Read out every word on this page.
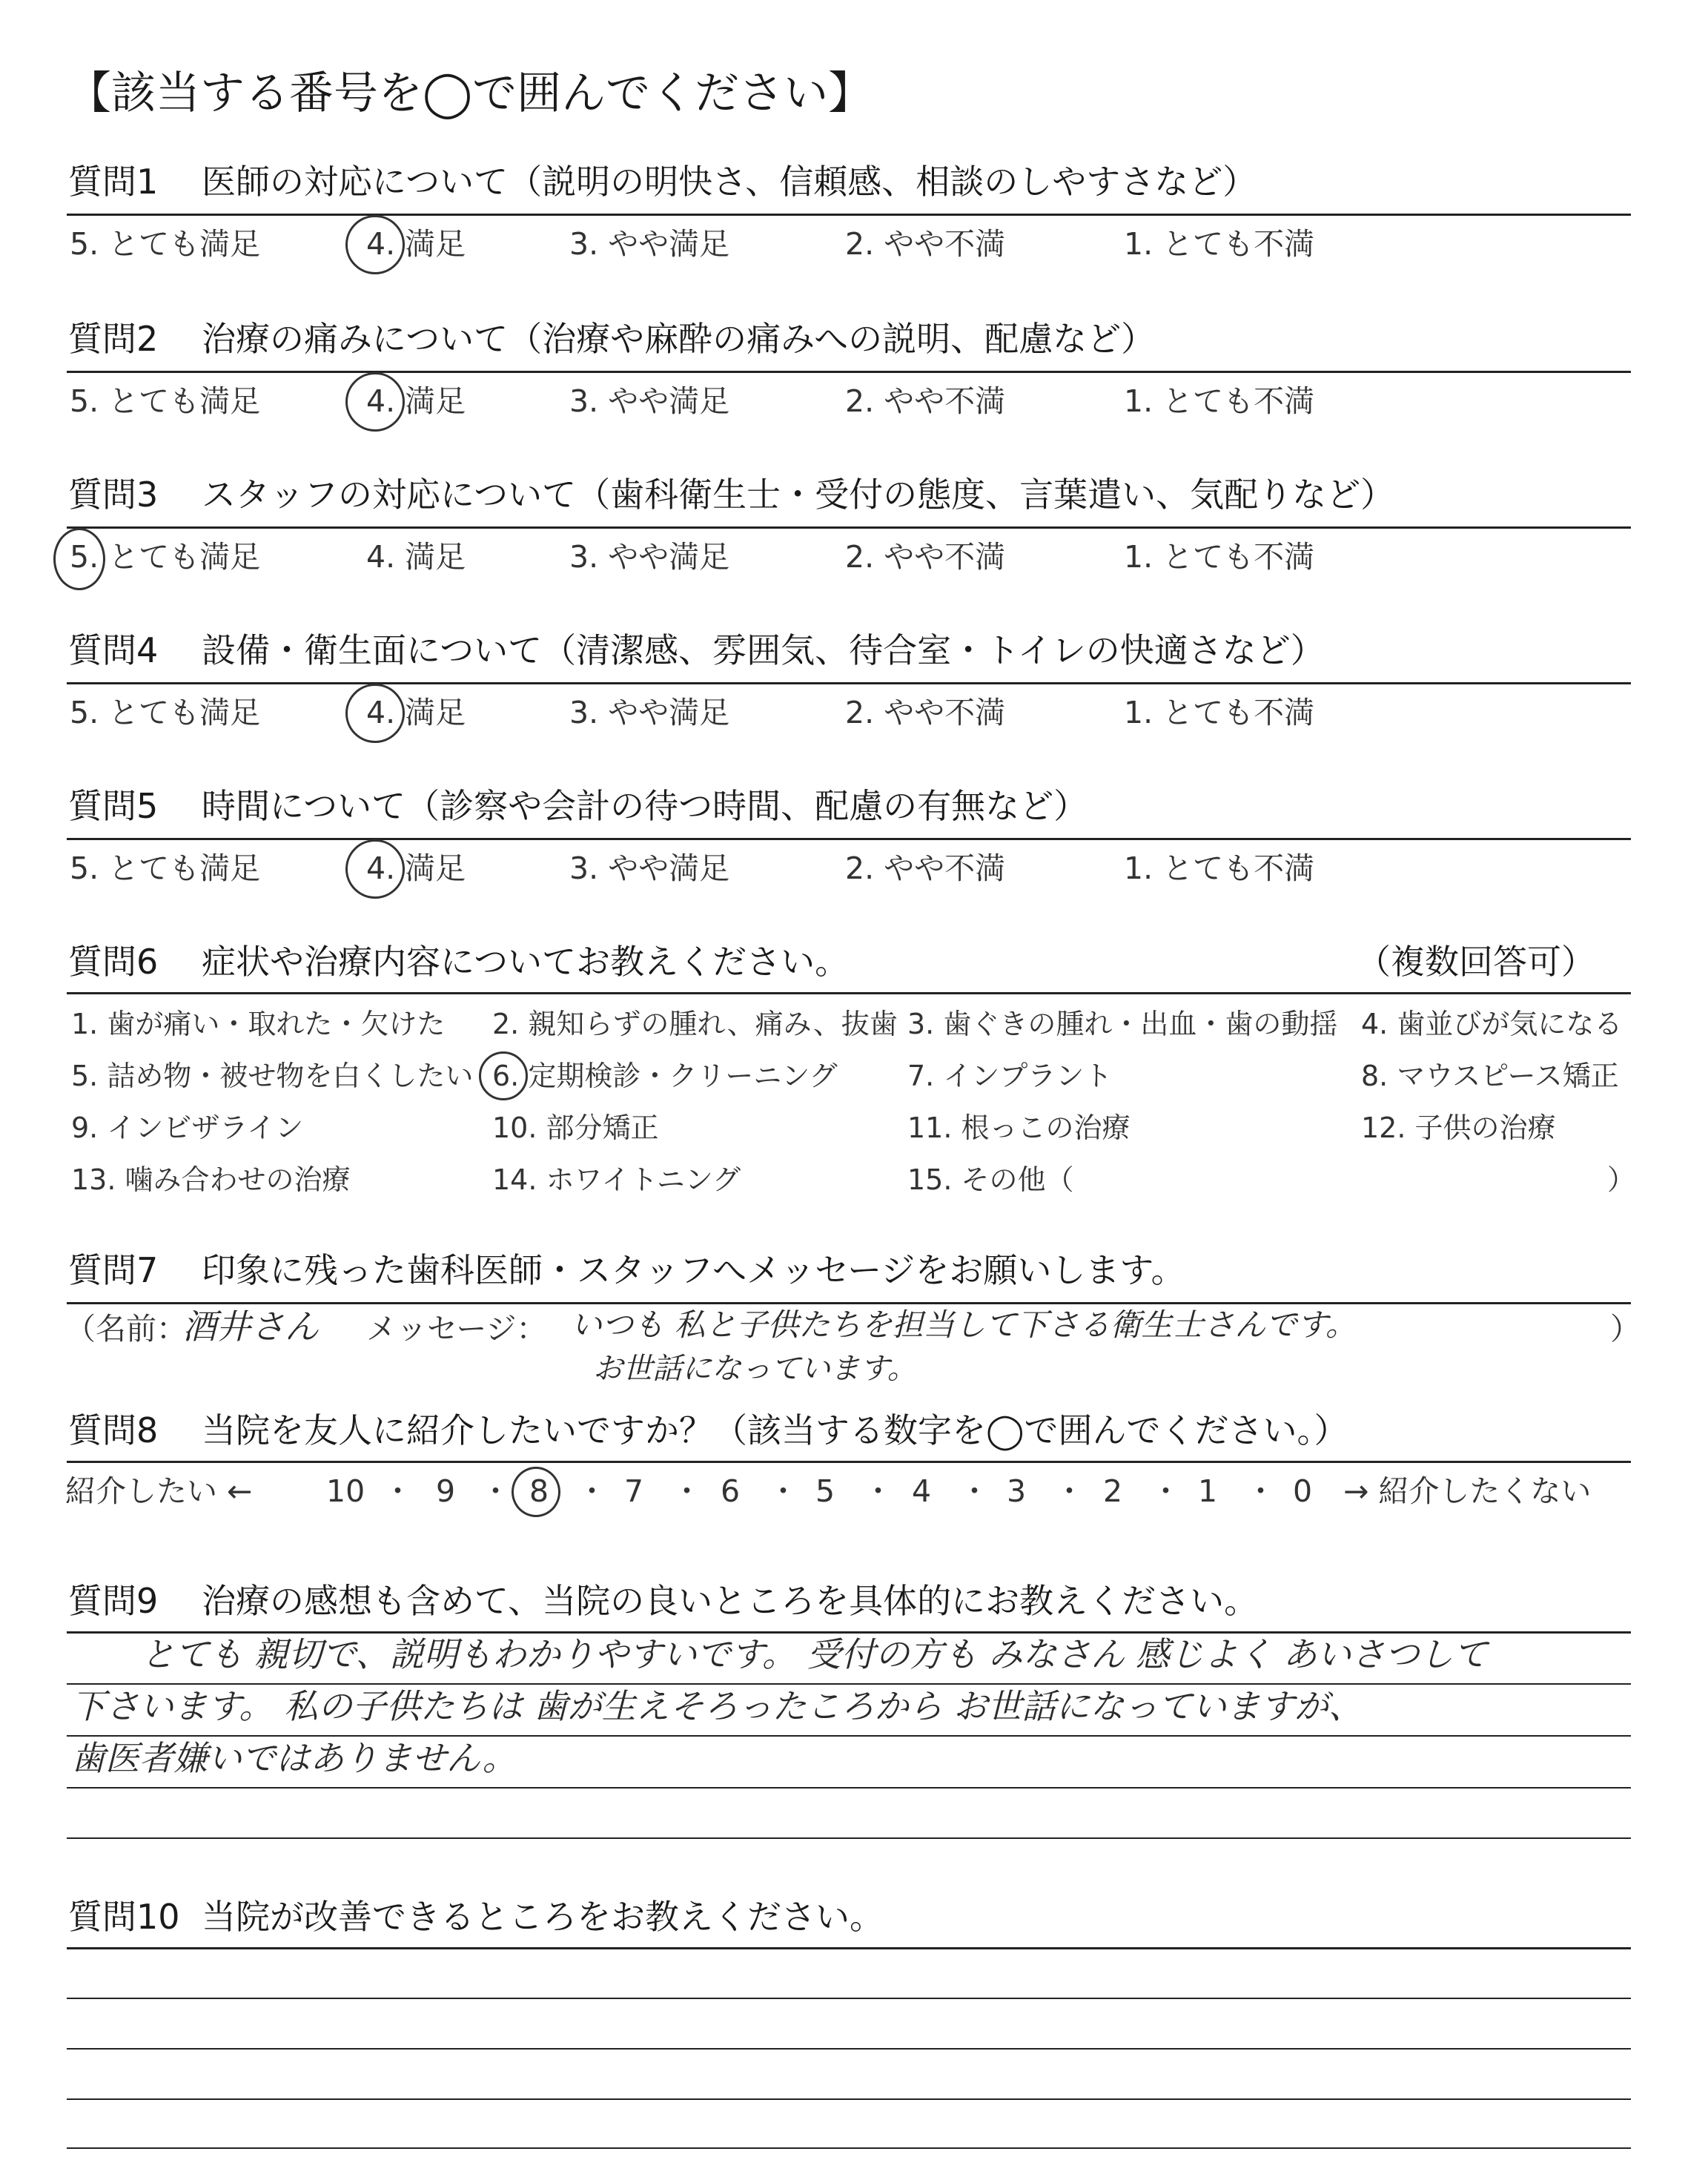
【該当する番号を◯で囲んでください】
質問1 医師の対応について（説明の明快さ、信頼感、相談のしやすさなど）
5. とても満足	4. 満足	3. やや満足	2. やや不満	1. とても不満
質問2 治療の痛みについて（治療や麻酔の痛みへの説明、配慮など）
5. とても満足	4. 満足	3. やや満足	2. やや不満	1. とても不満
質問3 スタッフの対応について（歯科衛生士・受付の態度、言葉遣い、気配りなど）
5. とても満足	4. 満足	3. やや満足	2. やや不満	1. とても不満
質問4 設備・衛生面について（清潔感、雰囲気、待合室・トイレの快適さなど）
5. とても満足	4. 満足	3. やや満足	2. やや不満	1. とても不満
質問5 時間について（診察や会計の待つ時間、配慮の有無など）
5. とても満足	4. 満足	3. やや満足	2. やや不満	1. とても不満
質問6 症状や治療内容についてお教えください。	（複数回答可）
1. 歯が痛い・取れた・欠けた 2. 親知らずの腫れ、痛み、抜歯 3. 歯ぐきの腫れ・出血・歯の動揺 4. 歯並びが気になる
5. 詰め物・被せ物を白くしたい 6. 定期検診・クリーニング 7. インプラント	8. マウスピース矯正
9. インビザライン	10. 部分矯正	11. 根っこの治療	12. 子供の治療
13. 噛み合わせの治療	14. ホワイトニング	15. その他（	）
質問7 印象に残った歯科医師・スタッフへメッセージをお願いします。
（名前：
酒井さん メッセージ： いつも 私と子供たちを担当して下さる衛生士さんです。
お世話になっています。
）
質問8 当院を友人に紹介したいですか？（該当する数字を◯で囲んでください。）
紹介したい ← 10 ・ 9 ・ 8 ・ 7 ・ 6 ・ 5 ・ 4 ・ 3 ・ 2 ・ 1 ・ 0 → 紹介したくない
質問9 治療の感想も含めて、当院の良いところを具体的にお教えください。
とても 親切で、説明もわかりやすいです。 受付の方も みなさん 感じよく あいさつして
下さいます。 私の子供たちは 歯が生えそろったころから お世話になっていますが、
歯医者嫌いではありません。
質問10 当院が改善できるところをお教えください。
